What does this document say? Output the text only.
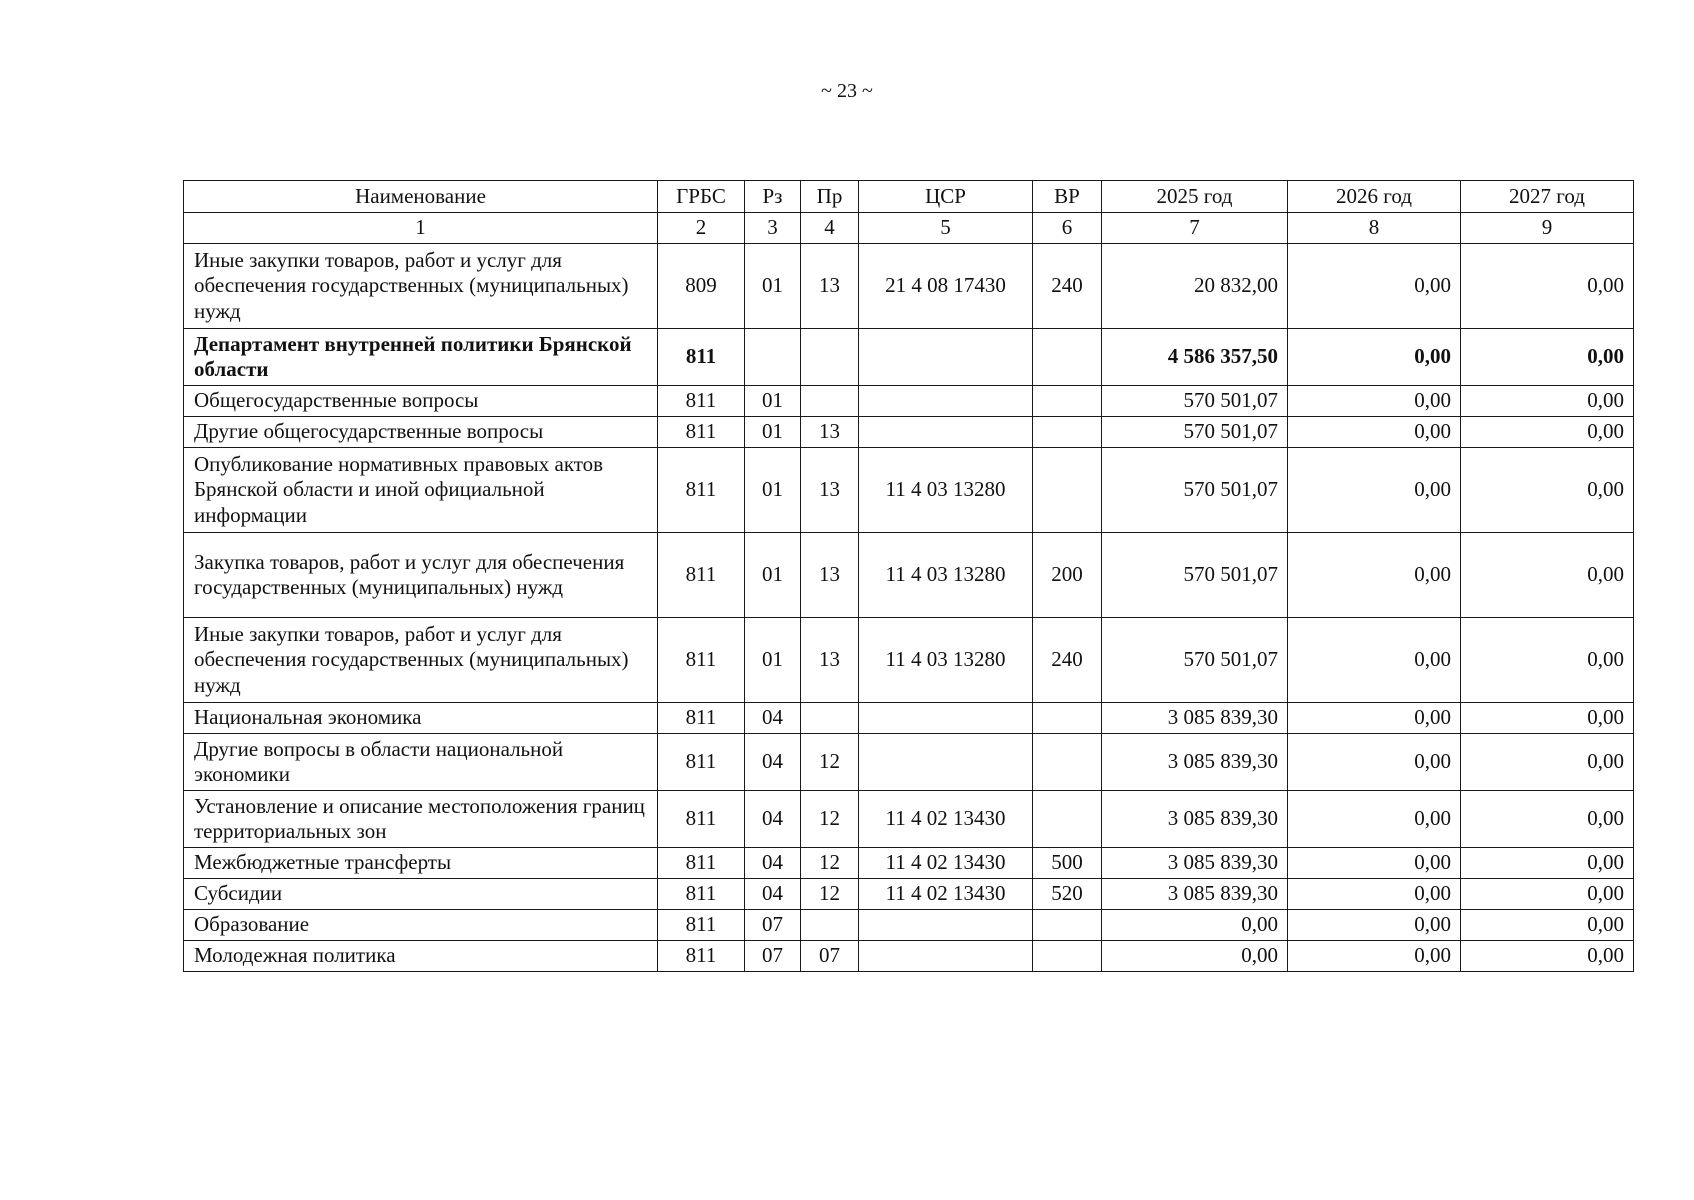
~ 23 ~
Наименование	ГРБС	Рз	Пр	ЦСР	ВР	2025 год	2026 год	2027 год
1	2	3	4	5	6	7	8	9
Иные закупки товаров, работ и услуг для обеспечения государственных (муниципальных) нужд	809	01	13	21 4 08 17430	240	20 832,00	0,00	0,00
Департамент внутренней политики Брянской области	811					4 586 357,50	0,00	0,00
Общегосударственные вопросы	811	01				570 501,07	0,00	0,00
Другие общегосударственные вопросы	811	01	13			570 501,07	0,00	0,00
Опубликование нормативных правовых актов Брянской области и иной официальной информации	811	01	13	11 4 03 13280		570 501,07	0,00	0,00
Закупка товаров, работ и услуг для обеспечения государственных (муниципальных) нужд	811	01	13	11 4 03 13280	200	570 501,07	0,00	0,00
Иные закупки товаров, работ и услуг для обеспечения государственных (муниципальных) нужд	811	01	13	11 4 03 13280	240	570 501,07	0,00	0,00
Национальная экономика	811	04				3 085 839,30	0,00	0,00
Другие вопросы в области национальной экономики	811	04	12			3 085 839,30	0,00	0,00
Установление и описание местоположения границ территориальных зон	811	04	12	11 4 02 13430		3 085 839,30	0,00	0,00
Межбюджетные трансферты	811	04	12	11 4 02 13430	500	3 085 839,30	0,00	0,00
Субсидии	811	04	12	11 4 02 13430	520	3 085 839,30	0,00	0,00
Образование	811	07				0,00	0,00	0,00
Молодежная политика	811	07	07			0,00	0,00	0,00
